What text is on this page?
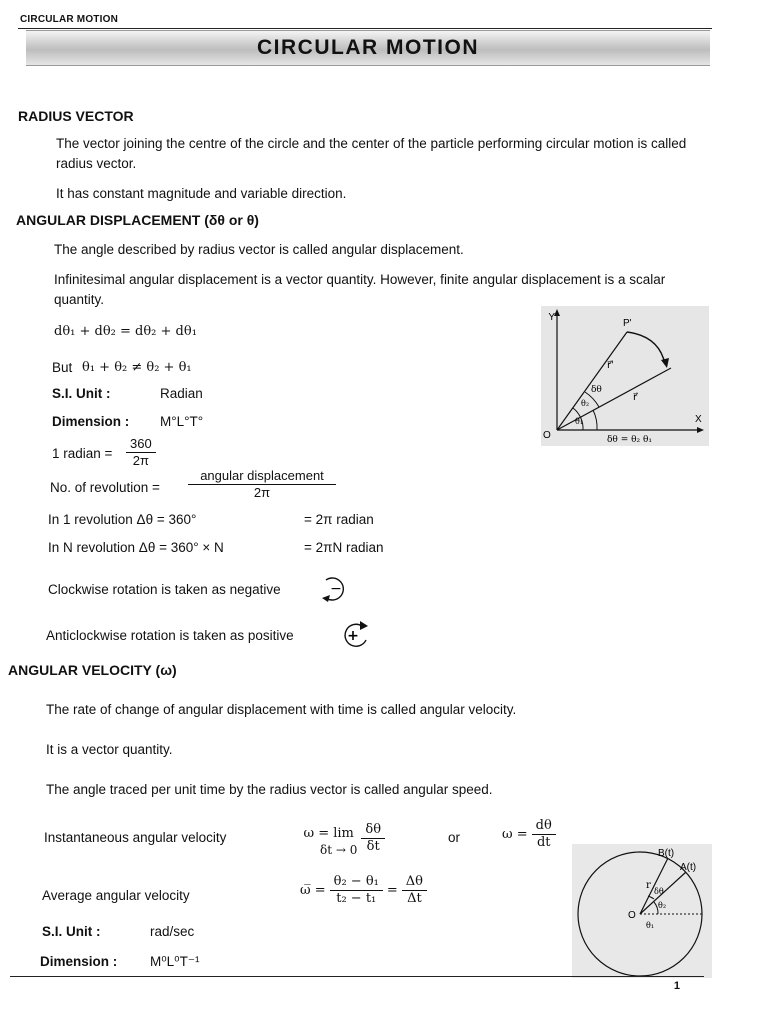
CIRCULAR MOTION
CIRCULAR MOTION
RADIUS VECTOR
The vector joining the centre of the circle and the center of the particle performing circular motion is called radius vector.
It has constant magnitude and variable direction.
ANGULAR DISPLACEMENT (δθ or θ)
The angle described by radius vector is called angular displacement.
Infinitesimal angular displacement is a vector quantity. However, finite angular displacement is a scalar quantity.
dθ₁ + dθ₂ = dθ₂ + dθ₁
But θ₁ + θ₂ ≠ θ₂ + θ₁
S.I. Unit :	Radian
Dimension : M°L°T°
1 radian = $\frac{360}{2\pi}$
No. of revolution = $\frac{\text{angular displacement}}{2\pi}$
In 1 revolution Δθ = 360°	= 2π radian
In N revolution Δθ = 360° × N	= 2πN radian
Clockwise rotation is taken as negative	−
Anticlockwise rotation is taken as positive	+
Y
X
O
P'
r⃗'
r⃗
δθ
θ₂
θ₁
δθ = θ₂ θ₁
ANGULAR VELOCITY (ω)
The rate of change of angular displacement with time is called angular velocity.
It is a vector quantity.
The angle traced per unit time by the radius vector is called angular speed.
Instantaneous angular velocity	ω = lim
$\delta t \to 0 \frac{\delta\theta}{\delta t}$	or	$\omega = \frac{d\theta}{dt}$
Average angular velocity	ω̅ = $\frac{\text{θ₂ − θ₁}}{\text{t₂ − t₁}} = \frac{\Delta\theta}{\Delta t}$
S.I. Unit :	rad/sec
Dimension : M⁰L⁰T⁻¹
B(t)
A(t)
O
r
δθ
θ₂
θ₁
1
